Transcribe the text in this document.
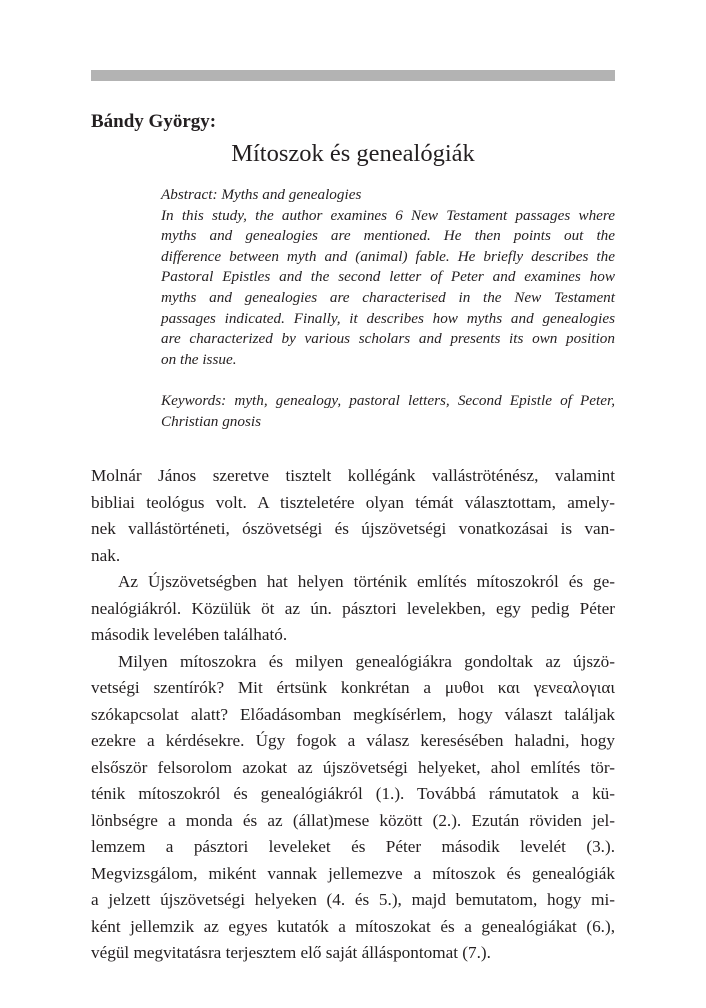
Bándy György:
Mítoszok és genealógiák
Abstract: Myths and genealogies
In this study, the author examines 6 New Testament passages where
myths and genealogies are mentioned. He then points out the
difference between myth and (animal) fable. He briefly describes the
Pastoral Epistles and the second letter of Peter and examines how
myths and genealogies are characterised in the New Testament
passages indicated. Finally, it describes how myths and genealogies
are characterized by various scholars and presents its own position
on the issue.
Keywords: myth, genealogy, pastoral letters, Second Epistle of Peter,
Christian gnosis
Molnár János szeretve tisztelt kollégánk valláströténész, valamint
bibliai teológus volt. A tiszteletére olyan témát választottam, amely-
nek vallástörténeti, ószövetségi és újszövetségi vonatkozásai is van-
nak.
Az Újszövetségben hat helyen történik említés mítoszokról és ge-
nealógiákról. Közülük öt az ún. pásztori levelekben, egy pedig Péter
második levelében található.
Milyen mítoszokra és milyen genealógiákra gondoltak az újszö-
vetségi szentírók? Mit értsünk konkrétan a μυθοι και γενεαλογιαι
szókapcsolat alatt? Előadásomban megkísérlem, hogy választ találjak
ezekre a kérdésekre. Úgy fogok a válasz keresésében haladni, hogy
elsőször felsorolom azokat az újszövetségi helyeket, ahol említés tör-
ténik mítoszokról és genealógiákról (1.). Továbbá rámutatok a kü-
lönbségre a monda és az (állat)mese között (2.). Ezután röviden jel-
lemzem a pásztori leveleket és Péter második levelét (3.).
Megvizsgálom, miként vannak jellemezve a mítoszok és genealógiák
a jelzett újszövetségi helyeken (4. és 5.), majd bemutatom, hogy mi-
ként jellemzik az egyes kutatók a mítoszokat és a genealógiákat (6.),
végül megvitatásra terjesztem elő saját álláspontomat (7.).
